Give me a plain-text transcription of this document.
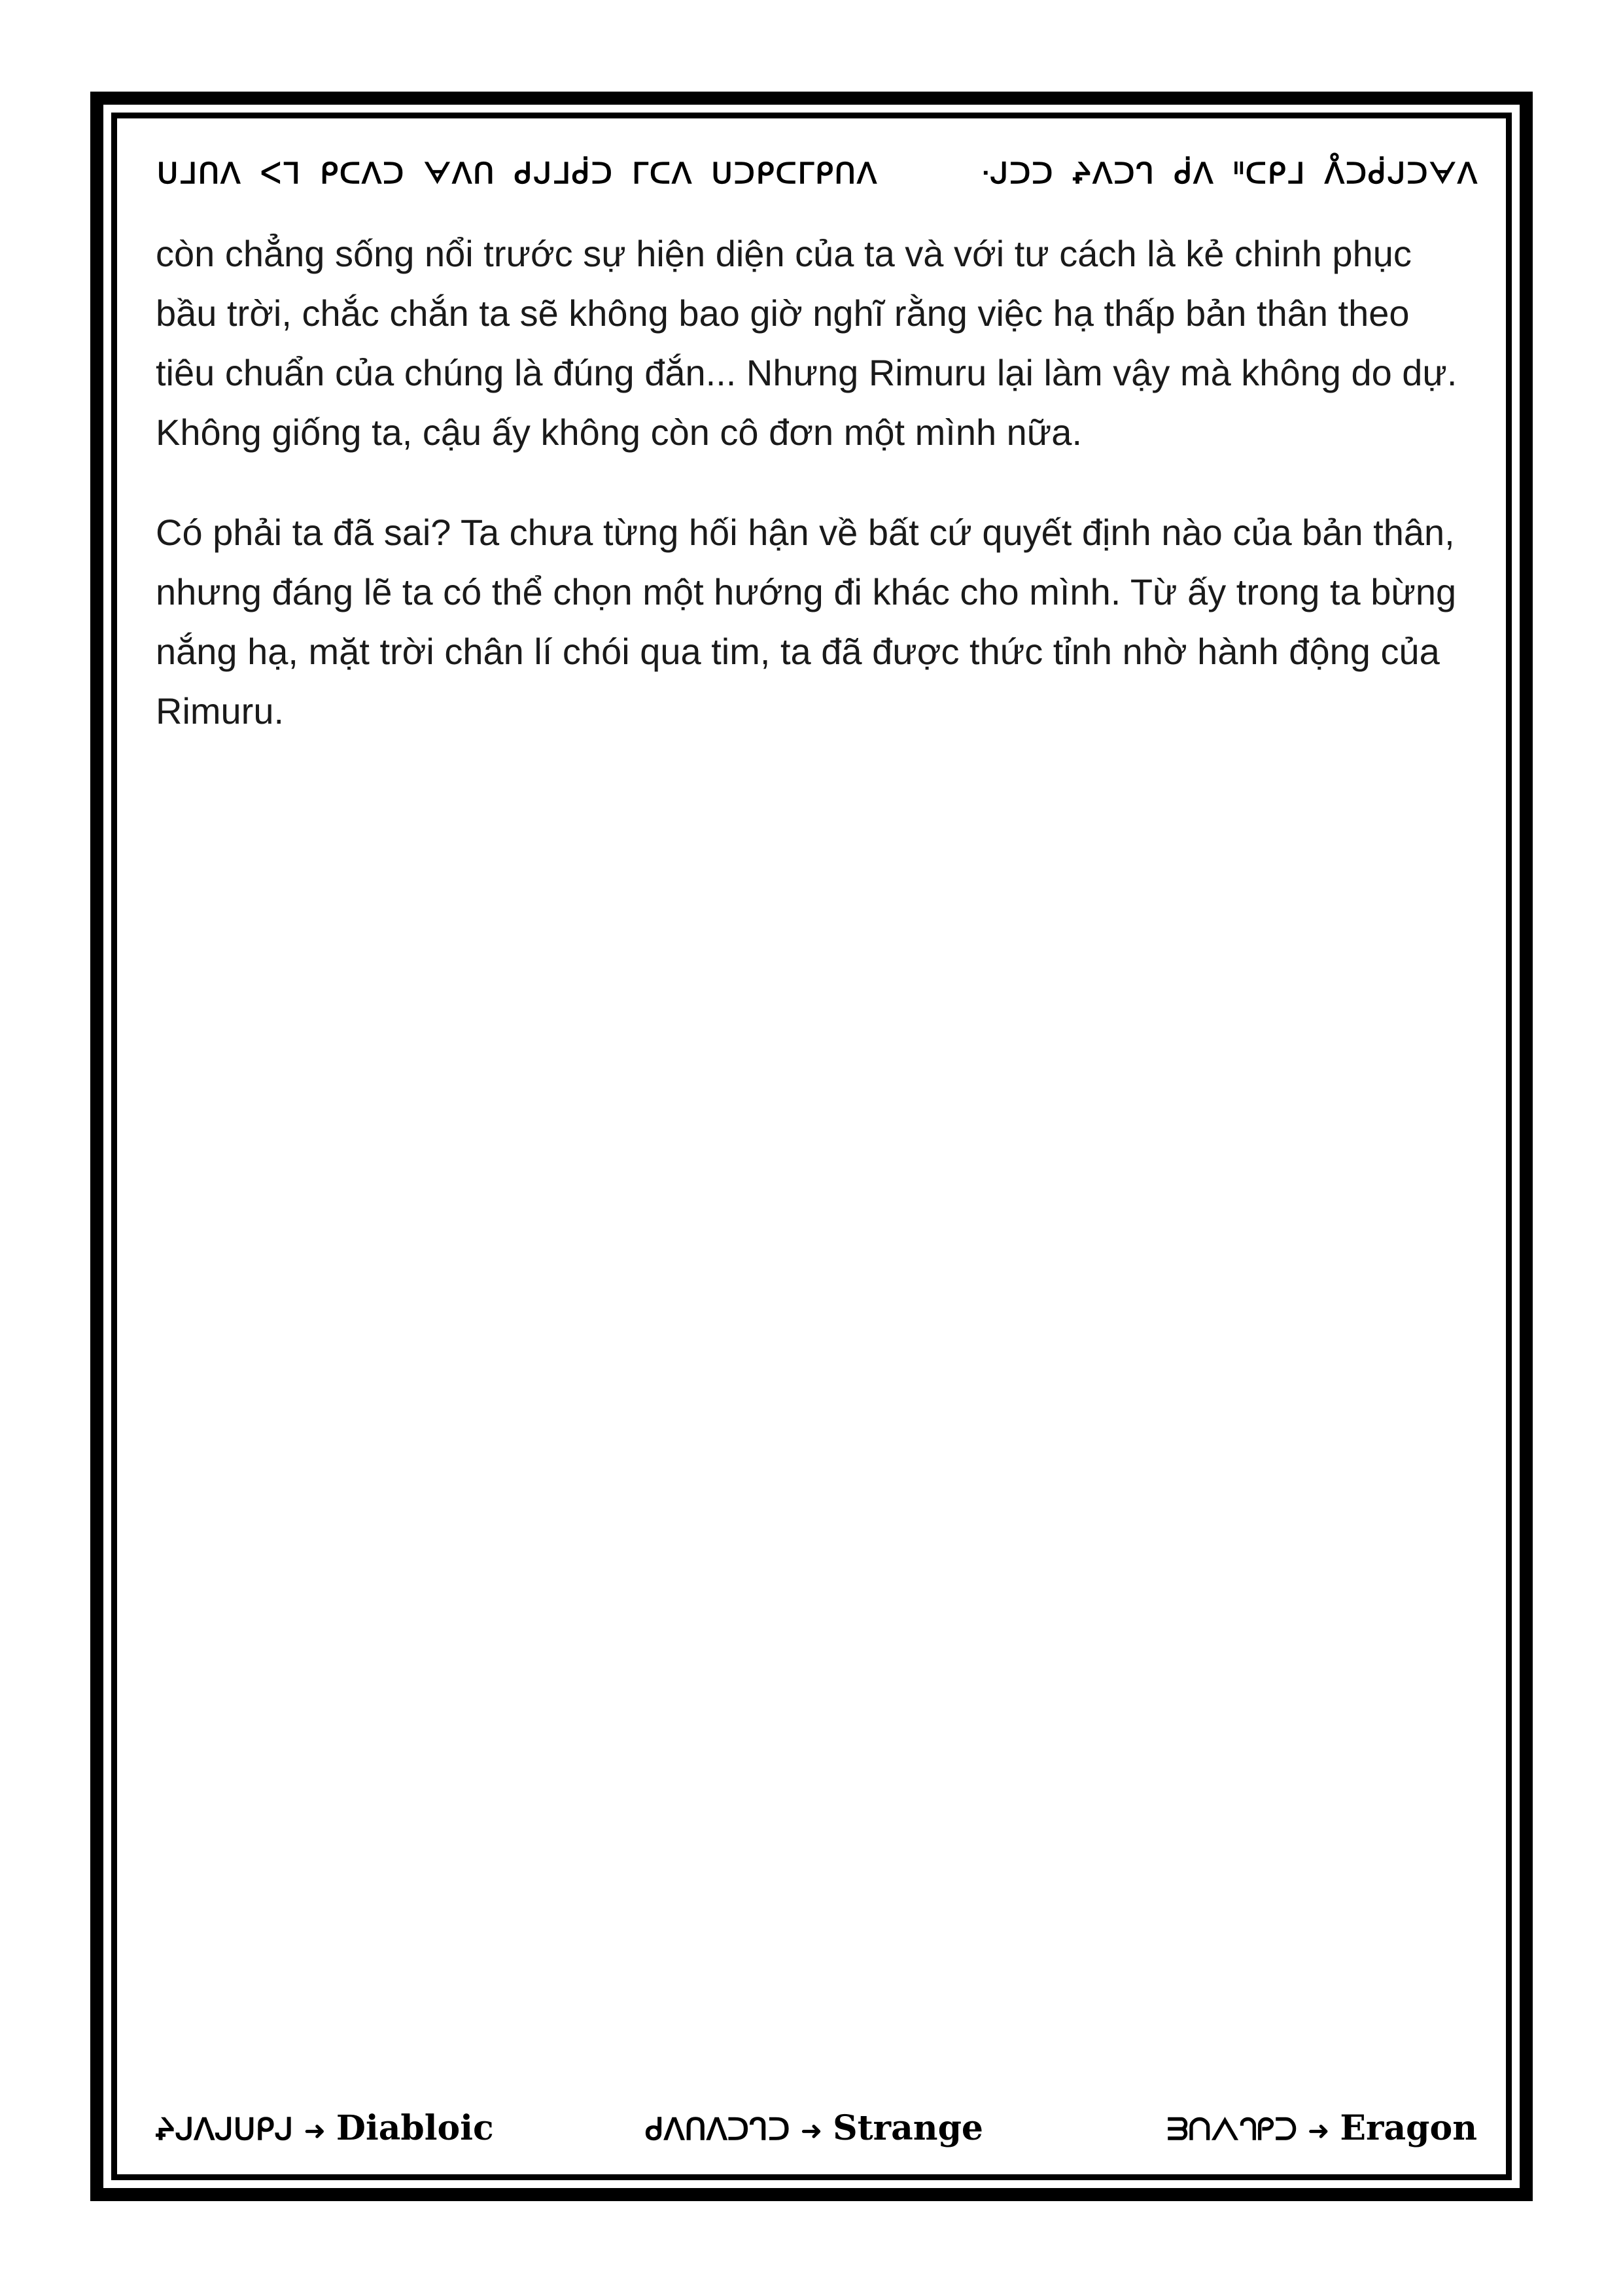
ᑌᒧᑎᐱ ᐸᒣ ᑭᑕᐱᑐ ᗄᐱᑎ ᑯᒍᒧᑰᑐ ᒥᑕᐱ ᑌᑐᑭᑕᒥᑭᑎᐱ	ᐧᒍᑐᑐ ᖨᐱᑐᒉ ᑰᐱ ᐦᑕᑭᒧ ᐰᑐᑰᒍᑐᗄᐱ

còn chẳng sống nổi trước sự hiện diện của ta và với tư cách là kẻ chinh phục bầu trời, chắc chắn ta sẽ không bao giờ nghĩ rằng việc hạ thấp bản thân theo tiêu chuẩn của chúng là đúng đắn... Nhưng Rimuru lại làm vậy mà không do dự. Không giống ta, cậu ấy không còn cô đơn một mình nữa.

Có phải ta đã sai? Ta chưa từng hối hận về bất cứ quyết định nào của bản thân, nhưng đáng lẽ ta có thể chọn một hướng đi khác cho mình. Từ ấy trong ta bừng nắng hạ, mặt trời chân lí chói qua tim, ta đã được thức tỉnh nhờ hành động của Rimuru.

ᖨᒍᐱᒍᑌᑭᒍ ➜ Diabloic	ᑯᐱᑎᐱᑐᒉᑐ ➜ Strange	ᗱᑎᐱᒉᑭᑐ ➜ Eragon
